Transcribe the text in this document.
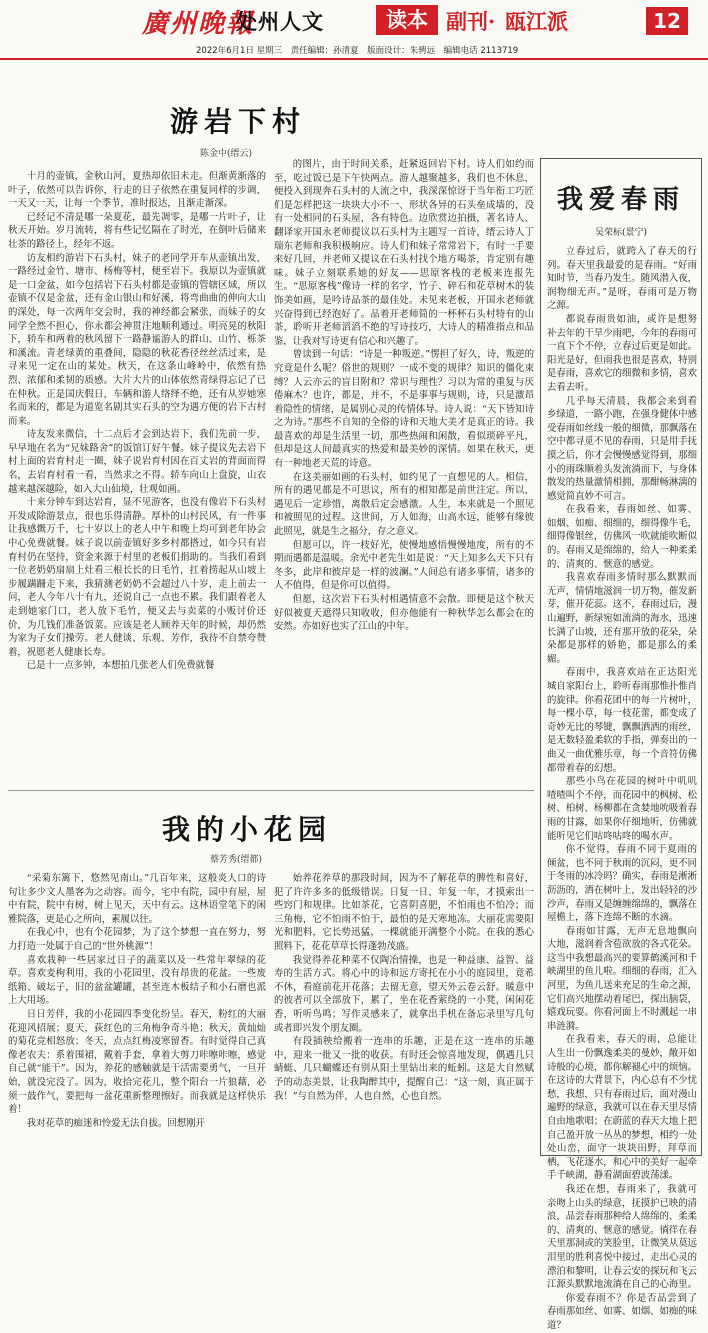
廣州晚報
处州人文	读本 副刊· 瓯江派	12
2022年6月1日 星期三　责任编辑：孙清夏　版面设计：朱骋远　编辑电话 2113719
游岩下村
陈金中(缙云)

十月的壶镇，金秋山河，夏热却依旧未走。但渐黄渐落的叶子，依然可以告诉你，行走的日子依然在重复同样的步调，一天又一天，让每一个季节，准时报达，且渐走渐深。

已经记不清是哪一朵夏花，最先凋零，是哪一片叶子，让秋天开始。岁月流转，将有些记忆隔在了时光，在倒叶后储来壮茶的路径上，经年不返。

访友相约游岩下石头村，妹子的老同学开车从壶镇出发，一路经过金竹、塘市、杨梅等村，便至岩下。我原以为壶镇就是一口金盆，如今包括岩下石头村都是壶镇的管辖区域，所以壶镇不仅是金盆，还有金山银山和好溪，将弯曲曲的伸向大山的深处，每一次两年交会时，我的神经都会紧张，而妹子的女同学全然不担心，你永都会神贯注地顺利通过。明亮晃的秋阳下，轿车和两着的秋风留下一路静谧游人的群山、山竹、栎茶和溪流。青老绿黄的重叠间，隐隐的秋花香径丝丝活过来，是寻来见一定在山的某处。秋天，在这条山峰岭中，依然有热烈、浓郁和柔韧的质感。大片大片的山体依然青绿得忘记了已在仲秋。正是国庆假日，车辆和游人络绎不绝，还有从岁她寒名而来的，都是为道览名剧其实石头的空为遇方便的岩下古村而来。

诗友发来微信，十二点后才会到达岩下，我们先前一步，早早地在名为“兄妹路舍”的饭馆订好午餐。妹子提议先去岩下村上面的岩育村走一圈，妹子说岩育村因在百丈岩的背面而得名，去岩育村看一看，当然求之不得。轿车向山上盘旋，山衣越来越深越险，如入大山仙境，壮观如画。

十来分钟车到达岩育，显不见游客，也没有像岩下石头村开发成除游景点，很也乐得清静。厚朴的山村民风，有一件事让我感慨万千，七十岁以上的老人中午和晚上均可到老年协会中心免费就餐。妹子说以前壶镇好多乡村都搭过，如今只有岩育村仍在坚持，资金来源于村里的老板们捐助的。当我们看到一位老奶奶扇扇上灶看三根长长的日毛竹，扛着捞起从山坡上步履蹒跚走下来，我猜测老奶奶不会超过八十岁，走上前去一问，老人今年八十有九，还说自己一点也不累。我们跟着老人走到她家门口，老人放下毛竹，便又去与卖菜的小贩讨价还价，为几钱们准备饭菜。应该是老人顾养天年的时候，却仍然为家为子女们操劳。老人健谈、乐观、芳作，我待不自禁夸赞着，祝愿老人健康长寿。

已是十一点多钟，本想拍几张老人们免费就餐

的图片，由于时间关系，赶紧返回岩下村。诗人们如约而至，吃过饭已是下午快两点。游人越聚越多，我们也不休息，便投入到现奔石头村的人流之中，我深深惊讶于当年衔工巧匠们是怎样把这一块块大小不一、形状各异的石头垒成墙的，没有一处相同的石头屋，各有特色。边欣赏边拍摄，著名诗人、翻译家开国永老师提议以石头村为主题写一首诗，缙云诗人丁瑞东老师和我积极响应。诗人们和妹子常常岩下，有时一手要来好几回，并老师又提议在石头村找个地方喝茶，肯定别有趣味。妹子立刻联系她的好友——思原客栈的老板来连报先生。“思原客栈”像诗一样的名字，竹子、碎石和花草树木的装饰美如画，是吟诗品茶的最佳处。未见来老板，开国永老师就兴奋得到已经泡好了。品着开老师简的一杯杯石头村特有的山茶，聆听开老师滔滔不绝的写诗技巧，大诗人的精准指点和品鉴，让我对写诗更有信心和兴趣了。

曾读到一句话：“诗是一种叛逆。”愣担了好久，诗，叛逆的究竟是什么呢？俗世的规则？一成不变的规律？知识的僵化束缚？人云亦云的盲目附和？常识与理性？习以为常的重复与厌倦麻木？也许，都是，并不，不是事事与规则，诗，只是激昂着隐性的情绪，是属别心灵的传情体导。诗人说：“天下皆知诗之为诗。”那些不自知的全俗的诗和天地大美才是真正的诗。我最喜欢的却是生活里一切，那些热闹和闲散，看似琐碎平凡，但却是这人间最真实的热爱和最美妙的深情。如果在秋天，更有一种地老天荒的诗意。

在这美丽如画的石头村，如约见了一直想见的人。相信，所有的遇见都是不可思议，所有的相知都是前世注定。所以，遇见后一定珍惜，离散后定会感激。人生，本来就是一个照见和被照见的过程。这世间，万人如海，山高水远，能够有缘彼此照见，就是生之福分，存之意义。

但愿可以，许一枝好光，使慢地感悟慢慢地度，所有的不期而遇都是温暖。余光中老先生如是说：“天上知多么天下只有冬多，此岸和彼岸是一样的波澜。”人间总有诸多事情，诸多的人不值得，但是你可以值得。

但愿，这次岩下石头村相遇情意不会散。即便是这个秋天好似被夏天遮得只知收收，但亦他能有一种秋华怎么都会在的安然。亦如好也实了江山的中年。

我的小花园
蔡芳秀(缙都)

“采菊东篱下，悠然见南山。”几百年来，这般炎人口的诗句让多少文人墨客为之动容。而今，宅中有院，园中有屋，屋中有院，院中有树，树上见天，天中有云。这林语堂笔下的闲雅院落，更是心之所向，素履以往。

在我心中，也有个花园梦，为了这个梦想一直在努力，努力打造一处属于自己的“世外桃源”！

喜欢栽种一些居家过日子的蔬菜以及一些常年翠绿的花草。喜欢麦枸利用，我的小花园里，没有昂贵的花盆。一些废纸箱、破坛子，旧的盆盆罐罐，甚至连木板结子和小石磨也派上大用场。

日日芳伴，我的小花园四季变化纷呈。春天，粉红的大丽花迎风招展；夏天，荻红色的三角梅争奇斗艳；秋天，黄灿灿的菊花竞相怒放；冬天，点点红梅凌寒留香。有时觉得自己真像老农夫：系着围裙，戴着手套，拿着大剪刀咔嚓咔嚓，感觉自己就“能干”。因为，养花的感触就是干活需要勇气，一旦开始，就没完没了。因为，收拾完花儿，整个阳台一片狼藉，必须一鼓作气，要把每一盆花重新整理擦好。而我就是这样快乐着！

我对花草的痴迷和怜爱无法自拔。回想刚开

始养花养草的那段时间，因为不了解花草的脾性和喜好，犯了许许多多的低级错误。日复一日、年复一年，才摸索出一些窍门和规律。比如茶花，它喜阴喜肥，不怕雨也不怕冷；而三角梅，它不怕雨不怕干，最怕的是天寒地冻。大丽花需要阳光和肥料，它长势迅猛，一棵就能开满整个小院。在我的悉心照料下，花花草草长得蓬勃茂盛。

我觉得养花种菜不仅陶冶情操，也是一种益康、益智、益寿的生活方式。将心中的诗和远方寄托在小小的庭园里，竟希不休，看庭前花开花落；去留无意，望天外云卷云舒。暖意中的彼者可以全部放下，累了，坐在花香萦绕的一小凳，闲闲花香，听听鸟鸣；写作灵感来了，就拿出手机在备忘录里写几句或者即兴发个朋友圈。

有段插秧给搬着一连串的乐趣，正是在这一连串的乐趣中，迎来一批又一批的收获。有时还会惊喜地发现，偶遇几只蜻蜓、几只蝴蝶还有别从阳土里钻出来的蚯蚓。这是大自然赋予的动态美景，让我陶醉其中，提醒自己：“这一刻，真正属于我！”与自然为伴，人也自然，心也自然。

我爱春雨
吴荣标(景宁)

立春过后，就跨入了春天的行列。春天里我最爱的是春雨。“好雨知时节，当春乃发生。随风潜入夜，润物细无声。”是呀，春雨可是万物之源。

都说春雨贵如油，或许是想努补去年的干旱少雨吧，今年的春雨可一直下个不停，立春过后更是如此。阳光是好，但雨我也很是喜欢，特别是春雨，喜欢它的细微和多情，喜欢去看去听。

几乎每天清晨，我都会来到看乡绿道，一路小跑，在强身健体中感受春雨如丝线一般的细微，那飘落在空中都寻觅不见的春雨，只是用手抚摸之后，你才会慢慢感觉得到，那细小的雨珠顺着头发流淌而下，与身体散发的热量激情相拥，那酣畅淋漓的感觉简直妙不可言。

在我看来，春雨如丝、如雾、如烟、如痴、细细的，细得像牛毛，细得像银丝，仿佛风一吹就能吹断似的。春雨又是绵绵的，给人一种柔柔的、清爽的、惬意的感觉。

我喜欢春雨多情时那么默默而无声，情情地滋润一切万物，催发新芽，催开花蕊。这不，春雨过后，漫山遍野，新绿宛如流淌的海水，迅速长满了山坡，还有那开放的花朵，朵朵都是那样的娇艳，都是那么的柔媚。

春雨中，我喜欢站在正达阳光城自家阳台上，聆听春雨那惟扑惟肖的旋律。你看花团中的每一片树叶，每一棵小草，每一枝花蕾，都变成了奇妙无比的琴键，飘飘洒洒的雨丝，是无数轻盈柔软的手指，弹奏出的一曲又一曲优雅乐章，每一个音符仿佛都带着春的幻想。

那些小鸟在花园的树叶中叽叽喳喳叫个不停，而花园中的枫树、松树、柏树、杨柳都在贪婪地吮吸着春雨的甘露，如果你仔细地听，仿佛就能听见它们咕咚咕咚的喝水声。

你不觉得，春雨不同于夏雨的倾盆，也不同于秋雨的沉闷，更不同于冬雨的冰冷吗？确实，春雨是淅淅沥沥的，洒在树叶上，发出轻轻的沙沙声，春雨又是缠缠绵绵的，飘落在屋檐上，落下连绵不断的水滴。

春雨如甘露，无声无息地飘向大地，滋润着含苞欲放的各式花朵。这当中我想最高兴的要算鹤溪河和千峡湖里的鱼儿啦。细细的春雨，汇入河里，为鱼儿送来充足的生命之源，它们高兴地摆动着尾巴，探出脑袋，嬉戏玩耍。你看河面上不时溅起一串串涟漪。

在我看来，春天的雨，总能让人生出一份飘逸柔美的曼妙，敞开如诗般的心境，都你解褪心中的烦恼。在这诗的大背景下，内心总有不少忧愁，我想，只有春雨过后，面对漫山遍野的绿意，我就可以在春天里尽情自由地歌唱；在蔚蓝的春天大地上把自己盈开放一丛丛的梦想，相约一处处山峦，面守一块块田野，拜草而栖，飞花逐水，和心中的美好一起牵手千峡湖，静看湖面碧波荡漾。

我还在想，春雨来了，我就可亲吻上山头的绿意，抚摸护已映的清浪，品尝春雨那种给人绵绵的、柔柔的、清爽的、惬意的感觉。徜徉在春天里那洞或的笑脸里，让微笑从莫远泪里的胜利喜悦中接过，走出心灵的漂泊和黎明，让春云安的探玩和飞云江源头默默地流淌在自己的心海里。

你爱春雨不？你是否品尝到了春雨那如丝、如雾、如烟、如痴的味道？
